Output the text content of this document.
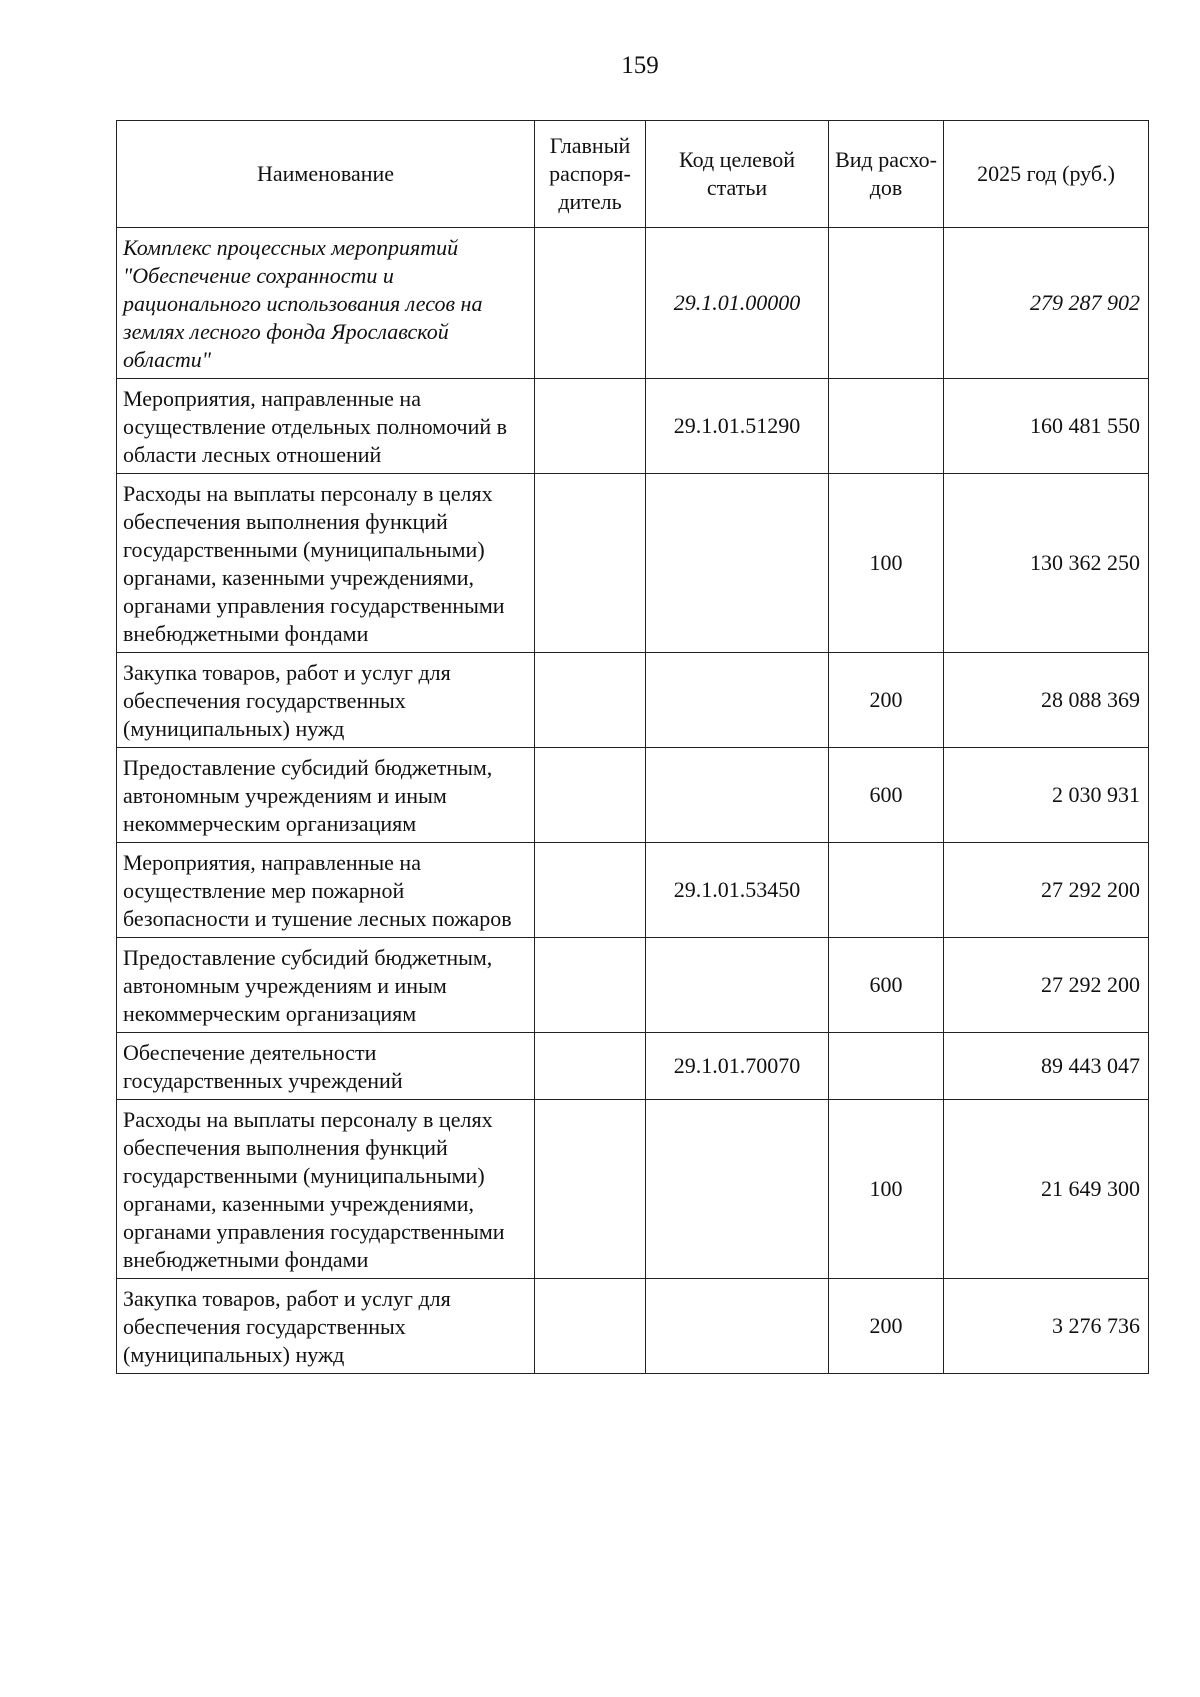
159
Наименование	Главный распоря-дитель	Код целевой статьи	Вид расхо-дов	2025 год (руб.)
Комплекс процессных мероприятий "Обеспечение сохранности и рационального использования лесов на землях лесного фонда Ярославской области"		29.1.01.00000		279 287 902
Мероприятия, направленные на осуществление отдельных полномочий в области лесных отношений		29.1.01.51290		160 481 550
Расходы на выплаты персоналу в целях обеспечения выполнения функций государственными (муниципальными) органами, казенными учреждениями, органами управления государственными внебюджетными фондами			100	130 362 250
Закупка товаров, работ и услуг для обеспечения государственных (муниципальных) нужд			200	28 088 369
Предоставление субсидий бюджетным, автономным учреждениям и иным некоммерческим организациям			600	2 030 931
Мероприятия, направленные на осуществление мер пожарной безопасности и тушение лесных пожаров		29.1.01.53450		27 292 200
Предоставление субсидий бюджетным, автономным учреждениям и иным некоммерческим организациям			600	27 292 200
Обеспечение деятельности государственных учреждений		29.1.01.70070		89 443 047
Расходы на выплаты персоналу в целях обеспечения выполнения функций государственными (муниципальными) органами, казенными учреждениями, органами управления государственными внебюджетными фондами			100	21 649 300
Закупка товаров, работ и услуг для обеспечения государственных (муниципальных) нужд			200	3 276 736
